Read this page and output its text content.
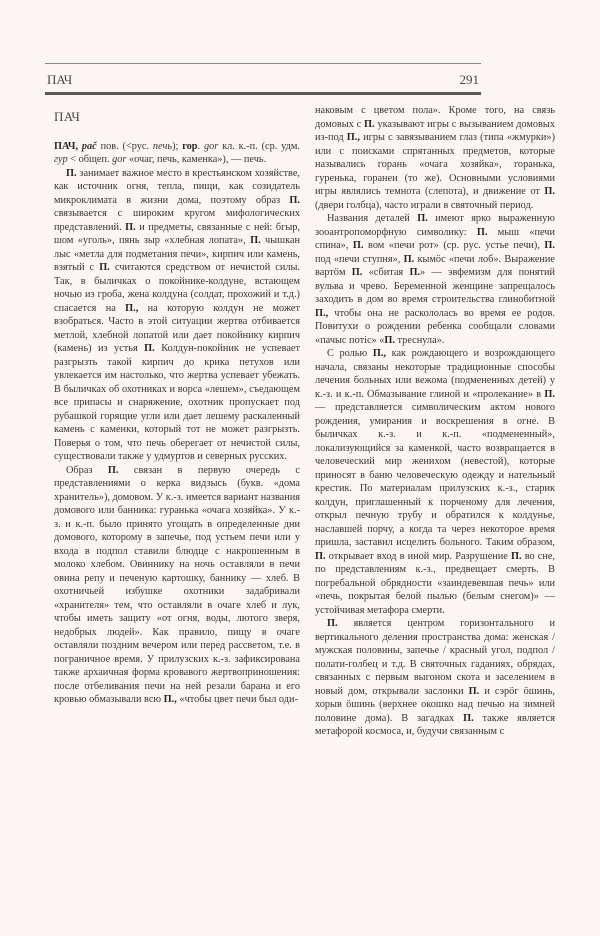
ПАЧ	291
ПАЧ

ПАЧ, pač пов. (<рус. печь); гор. gor кл. к.-п. (ср. удм. гур < общеп. gor «очаг, печь, каменка»), — печь.

П. занимает важное место в крестьянском хозяйстве, как источник огня, тепла, пищи, как созидатель микроклимата в жизни дома, поэтому образ П. связывается с широким кругом мифологических представлений. П. и предметы, связанные с ней: бгыр, шом «уголь», пянь зыр «хлебная лопата», П. чышкан лыс «метла для подметания печи», кирпич или камень, взятый с П. считаются средством от нечистой силы. Так, в быличках о покойнике-колдуне, встающем ночью из гроба, жена колдуна (солдат, прохожий и т.д.) спасается на П., на которую колдун не может взобраться. Часто в этой ситуации жертва отбивается метлой, хлебной лопатой или дает покойнику кирпич (камень) из устья П. Колдун-покойник не успевает разгрызть такой кирпич до крика петухов или увлекается им настолько, что жертва успевает убежать. В быличках об охотниках и ворса «лешем», съедающем все припасы и снаряжение, охотник пропускает под рубашкой горящие угли или дает лешему раскаленный камень с каменки, который тот не может разгрызть. Поверья о том, что печь оберегает от нечистой силы, существовали также у удмуртов и северных русских.

Образ П. связан в первую очередь с представлениями о керка видзысь (букв. «дома хранитель»), домовом. У к.-з. имеется вариант названия домового или банника: гуранька «очага хозяйка». У к.-з. и к.-п. было принято угощать в определенные дни домового, которому в запечье, под устьем печи или у входа в подпол ставили блюдце с накрошенным в молоко хлебом. Овиннику на ночь оставляли в печи овина репу и печеную картошку, баннику — хлеб. В охотничьей избушке охотники задабривали «хранителя» тем, что оставляли в очаге хлеб и лук, чтобы иметь защиту «от огня, воды, лютого зверя, недобрых людей». Как правило, пищу в очаге оставляли поздним вечером или перед рассветом, т.е. в пограничное время. У прилузских к.-з. зафиксирована также архаичная форма кровавого жертвоприношения: после отбеливания печи на ней резали барана и его кровью обмазывали всю П., «чтобы цвет печи был оди-

наковым с цветом пола». Кроме того, на связь домовых с П. указывают игры с вызыванием домовых из-под П., игры с завязыванием глаз (типа «жмурки») или с поисками спрятанных предметов, которые назывались горань «очага хозяйка», горанька, гуренька, горанеи (то же). Основными условиями игры являлись темнота (слепота), и движение от П. (двери голбца), часто играли в святочный период.

Названия деталей П. имеют ярко выраженную зооантропоморфную символику: П. мыш «печи спина», П. вом «печи рот» (ср. рус. устье печи), П. под «печи ступня», П. кымöс «печи лоб». Выражение вартöм П. «сбитая П.» — эвфемизм для понятий вульва и чрево. Беременной женщине запрещалось заходить в дом во время строительства глинобитной П., чтобы она не раскололась во время ее родов. Повитухи о рождении ребенка сообщали словами «пачыс потiс» «П. треснула».

С ролью П., как рождающего и возрождающего начала, связаны некоторые традиционные способы лечения больных или вежома (подмененных детей) у к.-з. и к.-п. Обмазывание глиной и «пролекание» в П. — представляется символическим актом нового рождения, умирания и воскрешения в огне. В быличках к.-з. и к.-п. «подмененный», локализующийся за каменкой, часто возвращается в человеческий мир женихом (невестой), которые приносят в баню человеческую одежду и нательный крестик. По материалам прилузских к.-з., старик колдун, приглашенный к порченому для лечения, открыл печную трубу и обратился к колдунье, наславшей порчу, а когда та через некоторое время пришла, заставил исцелить больного. Таким образом, П. открывает вход в иной мир. Разрушение П. во сне, по представлениям к.-з., предвещает смерть. В погребальной обрядности «заиндевевшая печь» или «печь, покрытая белой пылью (белым снегом)» — устойчивая метафора смерти.

П. является центром горизонтального и вертикального деления пространства дома: женская / мужская половины, запечье / красный угол, подпол / полати-голбец и т.д. В святочных гаданиях, обрядах, связанных с первым выгоном скота и заселением в новый дом, открывали заслонки П. и сэрöг öшинь, хорыв öшинь (верхнее окошко над печью на зимней половине дома). В загадках П. также является метафорой космоса, и, будучи связанным с
